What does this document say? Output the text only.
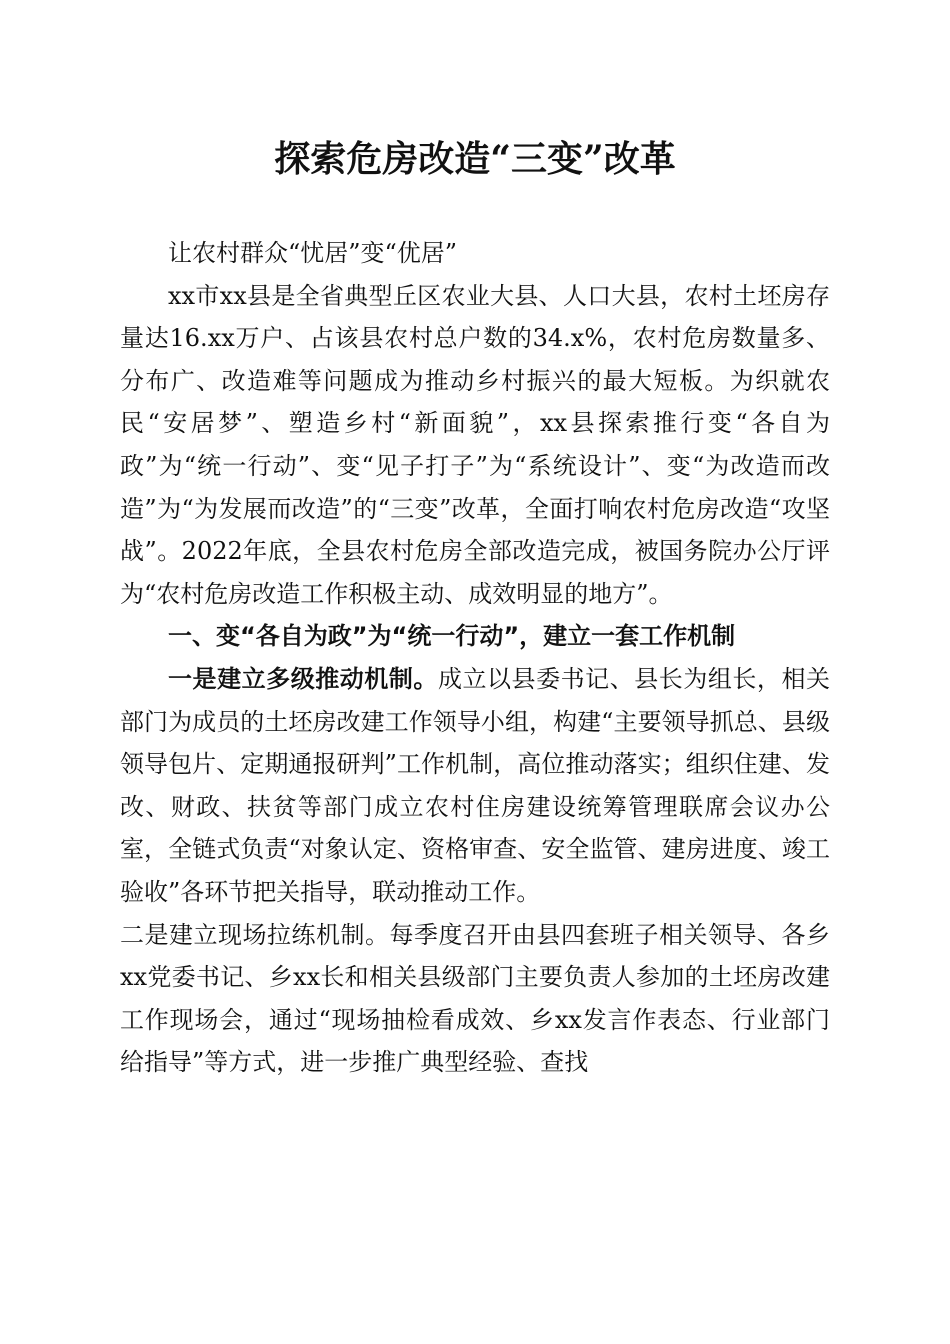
探索危房改造“三变”改革

让农村群众“忧居”变“优居”

xx市xx县是全省典型丘区农业大县、人口大县，农村土坯房存量达16.xx万户、占该县农村总户数的34.x%，农村危房数量多、分布广、改造难等问题成为推动乡村振兴的最大短板。为织就农民“安居梦”、塑造乡村“新面貌”，xx县探索推行变“各自为政”为“统一行动”、变“见子打子”为“系统设计”、变“为改造而改造”为“为发展而改造”的“三变”改革，全面打响农村危房改造“攻坚战”。2022年底，全县农村危房全部改造完成，被国务院办公厅评为“农村危房改造工作积极主动、成效明显的地方”。

一、变“各自为政”为“统一行动”，建立一套工作机制

一是建立多级推动机制。成立以县委书记、县长为组长，相关部门为成员的土坯房改建工作领导小组，构建“主要领导抓总、县级领导包片、定期通报研判”工作机制，高位推动落实；组织住建、发改、财政、扶贫等部门成立农村住房建设统筹管理联席会议办公室，全链式负责“对象认定、资格审查、安全监管、建房进度、竣工验收”各环节把关指导，联动推动工作。

二是建立现场拉练机制。每季度召开由县四套班子相关领导、各乡xx党委书记、乡xx长和相关县级部门主要负责人参加的土坯房改建工作现场会，通过“现场抽检看成效、乡xx发言作表态、行业部门给指导”等方式，进一步推广典型经验、查找
